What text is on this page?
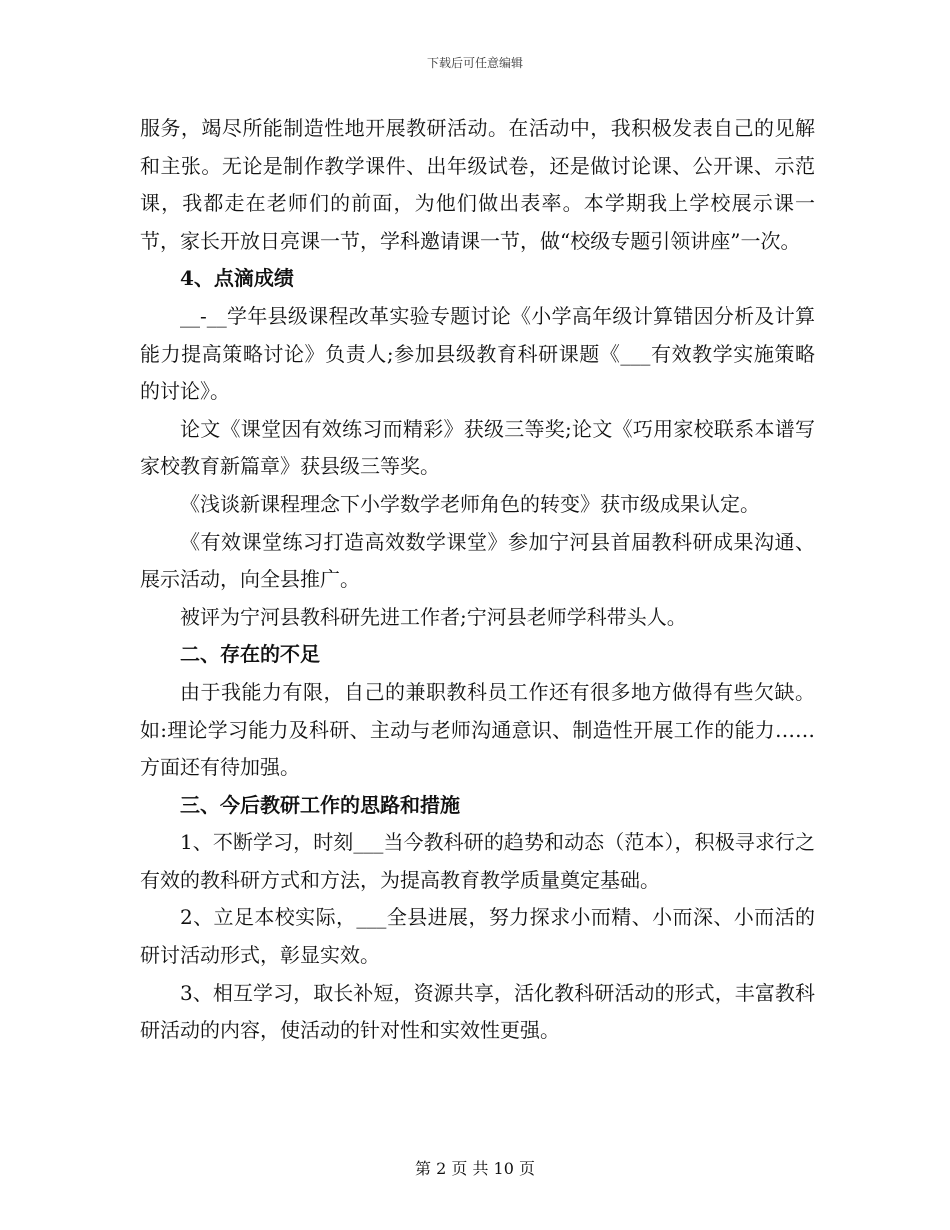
下载后可任意编辑

服务，竭尽所能制造性地开展教研活动。在活动中，我积极发表自己的见解和主张。无论是制作教学课件、出年级试卷，还是做讨论课、公开课、示范课，我都走在老师们的前面，为他们做出表率。本学期我上学校展示课一节，家长开放日亮课一节，学科邀请课一节，做“校级专题引领讲座”一次。

4、点滴成绩

__-__学年县级课程改革实验专题讨论《小学高年级计算错因分析及计算能力提高策略讨论》负责人;参加县级教育科研课题《___有效教学实施策略的讨论》。

论文《课堂因有效练习而精彩》获级三等奖;论文《巧用家校联系本谱写家校教育新篇章》获县级三等奖。

《浅谈新课程理念下小学数学老师角色的转变》获市级成果认定。

《有效课堂练习打造高效数学课堂》参加宁河县首届教科研成果沟通、展示活动，向全县推广。

被评为宁河县教科研先进工作者;宁河县老师学科带头人。

二、存在的不足

由于我能力有限，自己的兼职教科员工作还有很多地方做得有些欠缺。如:理论学习能力及科研、主动与老师沟通意识、制造性开展工作的能力……方面还有待加强。

三、今后教研工作的思路和措施

1、不断学习，时刻___当今教科研的趋势和动态（范本），积极寻求行之有效的教科研方式和方法，为提高教育教学质量奠定基础。

2、立足本校实际，___全县进展，努力探求小而精、小而深、小而活的研讨活动形式，彰显实效。

3、相互学习，取长补短，资源共享，活化教科研活动的形式，丰富教科研活动的内容，使活动的针对性和实效性更强。

第 2 页 共 10 页
